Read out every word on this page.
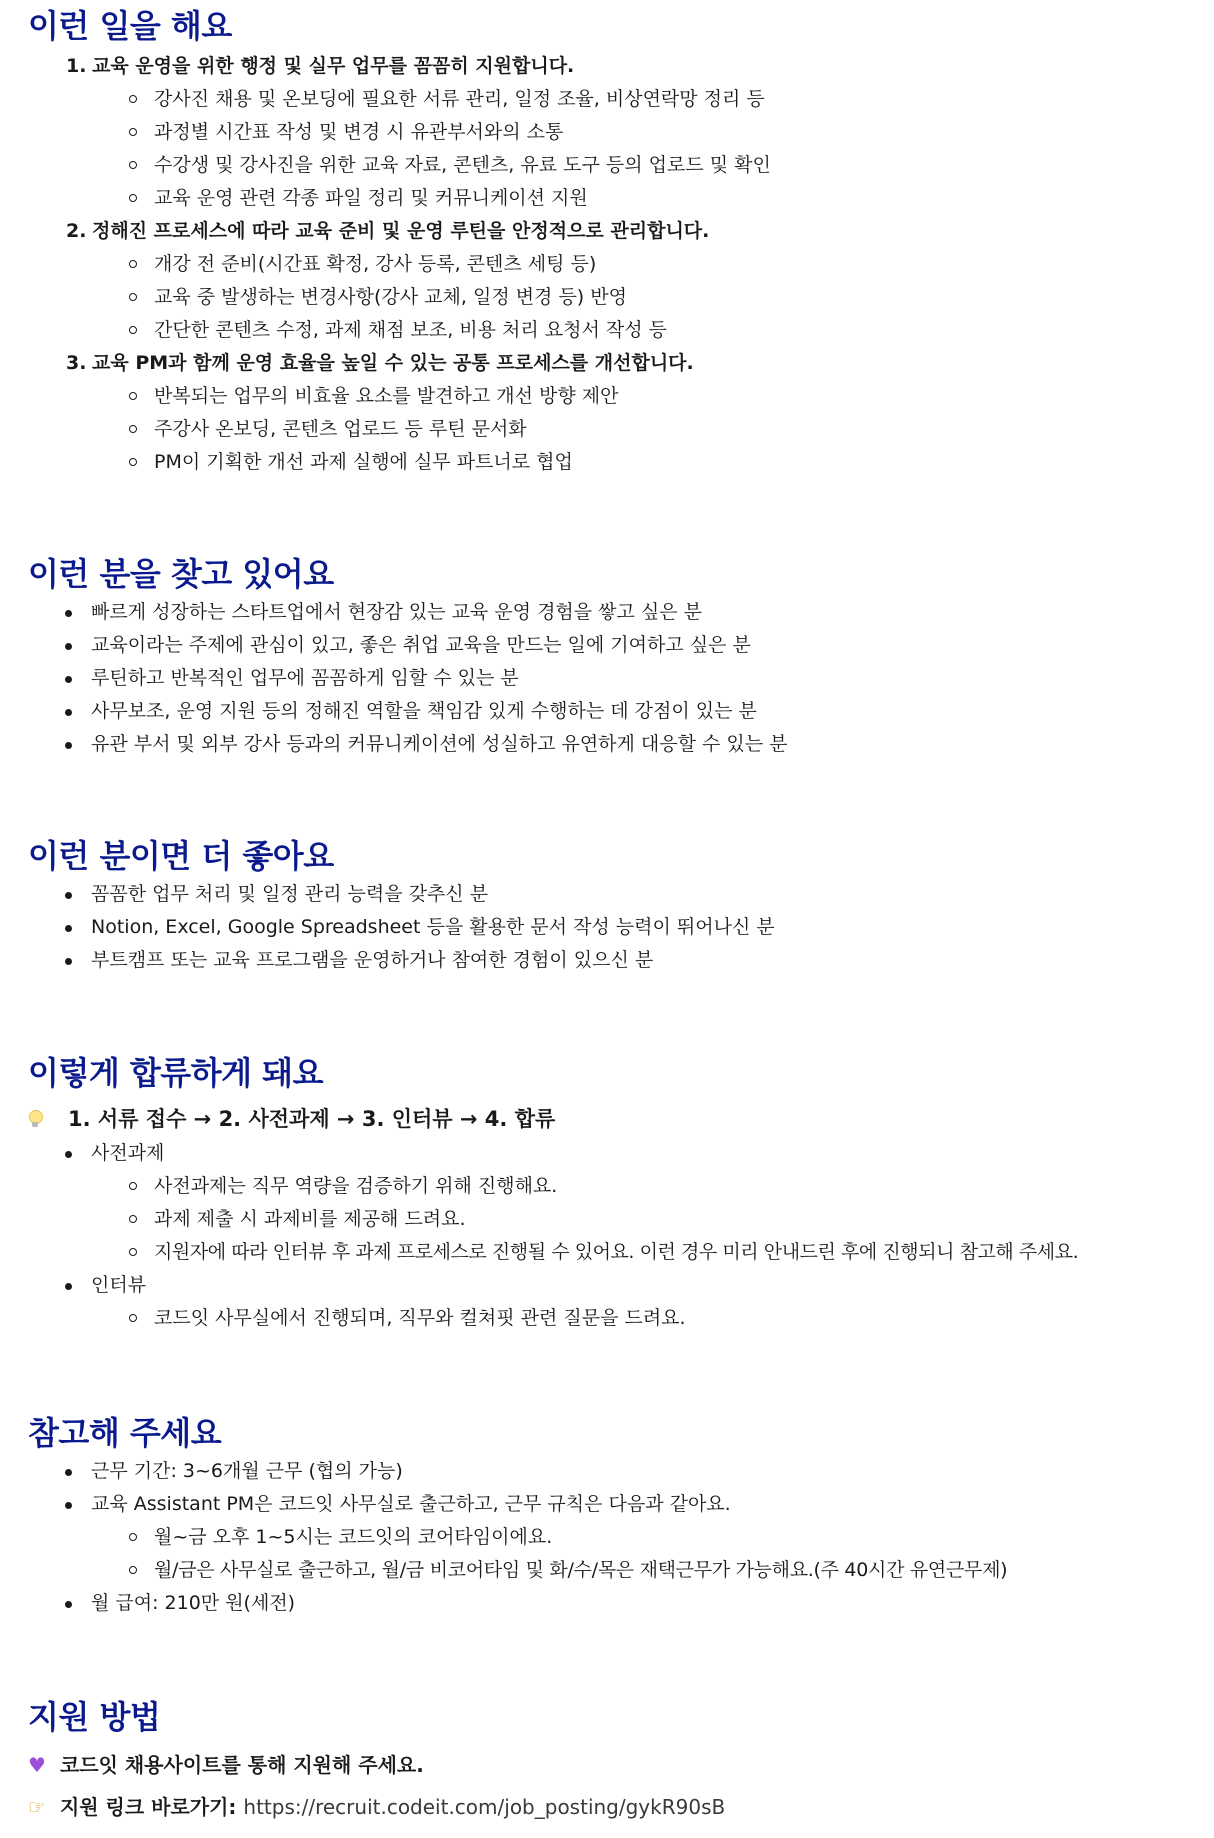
이런 일을 해요
1. 교육 운영을 위한 행정 및 실무 업무를 꼼꼼히 지원합니다.
강사진 채용 및 온보딩에 필요한 서류 관리, 일정 조율, 비상연락망 정리 등
과정별 시간표 작성 및 변경 시 유관부서와의 소통
수강생 및 강사진을 위한 교육 자료, 콘텐츠, 유료 도구 등의 업로드 및 확인
교육 운영 관련 각종 파일 정리 및 커뮤니케이션 지원
2. 정해진 프로세스에 따라 교육 준비 및 운영 루틴을 안정적으로 관리합니다.
개강 전 준비(시간표 확정, 강사 등록, 콘텐츠 세팅 등)
교육 중 발생하는 변경사항(강사 교체, 일정 변경 등) 반영
간단한 콘텐츠 수정, 과제 채점 보조, 비용 처리 요청서 작성 등
3. 교육 PM과 함께 운영 효율을 높일 수 있는 공통 프로세스를 개선합니다.
반복되는 업무의 비효율 요소를 발견하고 개선 방향 제안
주강사 온보딩, 콘텐츠 업로드 등 루틴 문서화
PM이 기획한 개선 과제 실행에 실무 파트너로 협업
이런 분을 찾고 있어요
빠르게 성장하는 스타트업에서 현장감 있는 교육 운영 경험을 쌓고 싶은 분
교육이라는 주제에 관심이 있고, 좋은 취업 교육을 만드는 일에 기여하고 싶은 분
루틴하고 반복적인 업무에 꼼꼼하게 임할 수 있는 분
사무보조, 운영 지원 등의 정해진 역할을 책임감 있게 수행하는 데 강점이 있는 분
유관 부서 및 외부 강사 등과의 커뮤니케이션에 성실하고 유연하게 대응할 수 있는 분
이런 분이면 더 좋아요
꼼꼼한 업무 처리 및 일정 관리 능력을 갖추신 분
Notion, Excel, Google Spreadsheet 등을 활용한 문서 작성 능력이 뛰어나신 분
부트캠프 또는 교육 프로그램을 운영하거나 참여한 경험이 있으신 분
이렇게 합류하게 돼요
1. 서류 접수 → 2. 사전과제 → 3. 인터뷰 → 4. 합류
사전과제
사전과제는 직무 역량을 검증하기 위해 진행해요.
과제 제출 시 과제비를 제공해 드려요.
지원자에 따라 인터뷰 후 과제 프로세스로 진행될 수 있어요. 이런 경우 미리 안내드린 후에 진행되니 참고해 주세요.
인터뷰
코드잇 사무실에서 진행되며, 직무와 컬쳐핏 관련 질문을 드려요.
참고해 주세요
근무 기간: 3~6개월 근무 (협의 가능)
교육 Assistant PM은 코드잇 사무실로 출근하고, 근무 규칙은 다음과 같아요.
월~금 오후 1~5시는 코드잇의 코어타임이에요.
월/금은 사무실로 출근하고, 월/금 비코어타임 및 화/수/목은 재택근무가 가능해요.(주 40시간 유연근무제)
월 급여: 210만 원(세전)
지원 방법
♥ 코드잇 채용사이트를 통해 지원해 주세요.
☞ 지원 링크 바로가기: https://recruit.codeit.com/job_posting/gykR90sB
